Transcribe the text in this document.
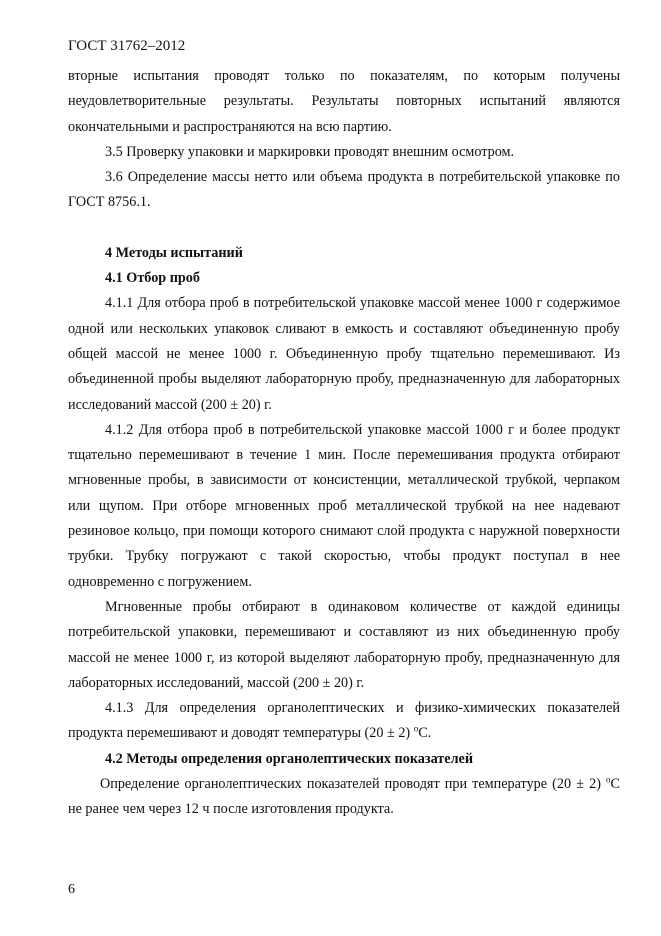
ГОСТ 31762–2012

вторные испытания проводят только по показателям, по которым получены неудовлетворительные результаты. Результаты повторных испытаний являются окончательными и распространяются на всю партию.

3.5 Проверку упаковки и маркировки проводят внешним осмотром.

3.6 Определение массы нетто или объема продукта в потребительской упаковке по ГОСТ 8756.1.

4 Методы испытаний

4.1 Отбор проб

4.1.1 Для отбора проб в потребительской упаковке массой менее 1000 г содержимое одной или нескольких упаковок сливают в емкость и составляют объединенную пробу общей массой не менее 1000 г. Объединенную пробу тщательно перемешивают. Из объединенной пробы выделяют лабораторную пробу, предназначенную для лабораторных исследований массой (200 ± 20) г.

4.1.2 Для отбора проб в потребительской упаковке массой 1000 г и более продукт тщательно перемешивают в течение 1 мин. После перемешивания продукта отбирают мгновенные пробы, в зависимости от консистенции, металлической трубкой, черпаком или щупом. При отборе мгновенных проб металлической трубкой на нее надевают резиновое кольцо, при помощи которого снимают слой продукта с наружной поверхности трубки. Трубку погружают с такой скоростью, чтобы продукт поступал в нее одновременно с погружением.

Мгновенные пробы отбирают в одинаковом количестве от каждой единицы потребительской упаковки, перемешивают и составляют из них объединенную пробу массой не менее 1000 г, из которой выделяют лабораторную пробу, предназначенную для лабораторных исследований, массой (200 ± 20) г.

4.1.3 Для определения органолептических и физико-химических показателей продукта перемешивают и доводят температуры (20 ± 2) $^о$С.

4.2 Методы определения органолептических показателей

Определение органолептических показателей проводят при температуре (20 ± 2) $^о$С не ранее чем через 12 ч после изготовления продукта.

6
